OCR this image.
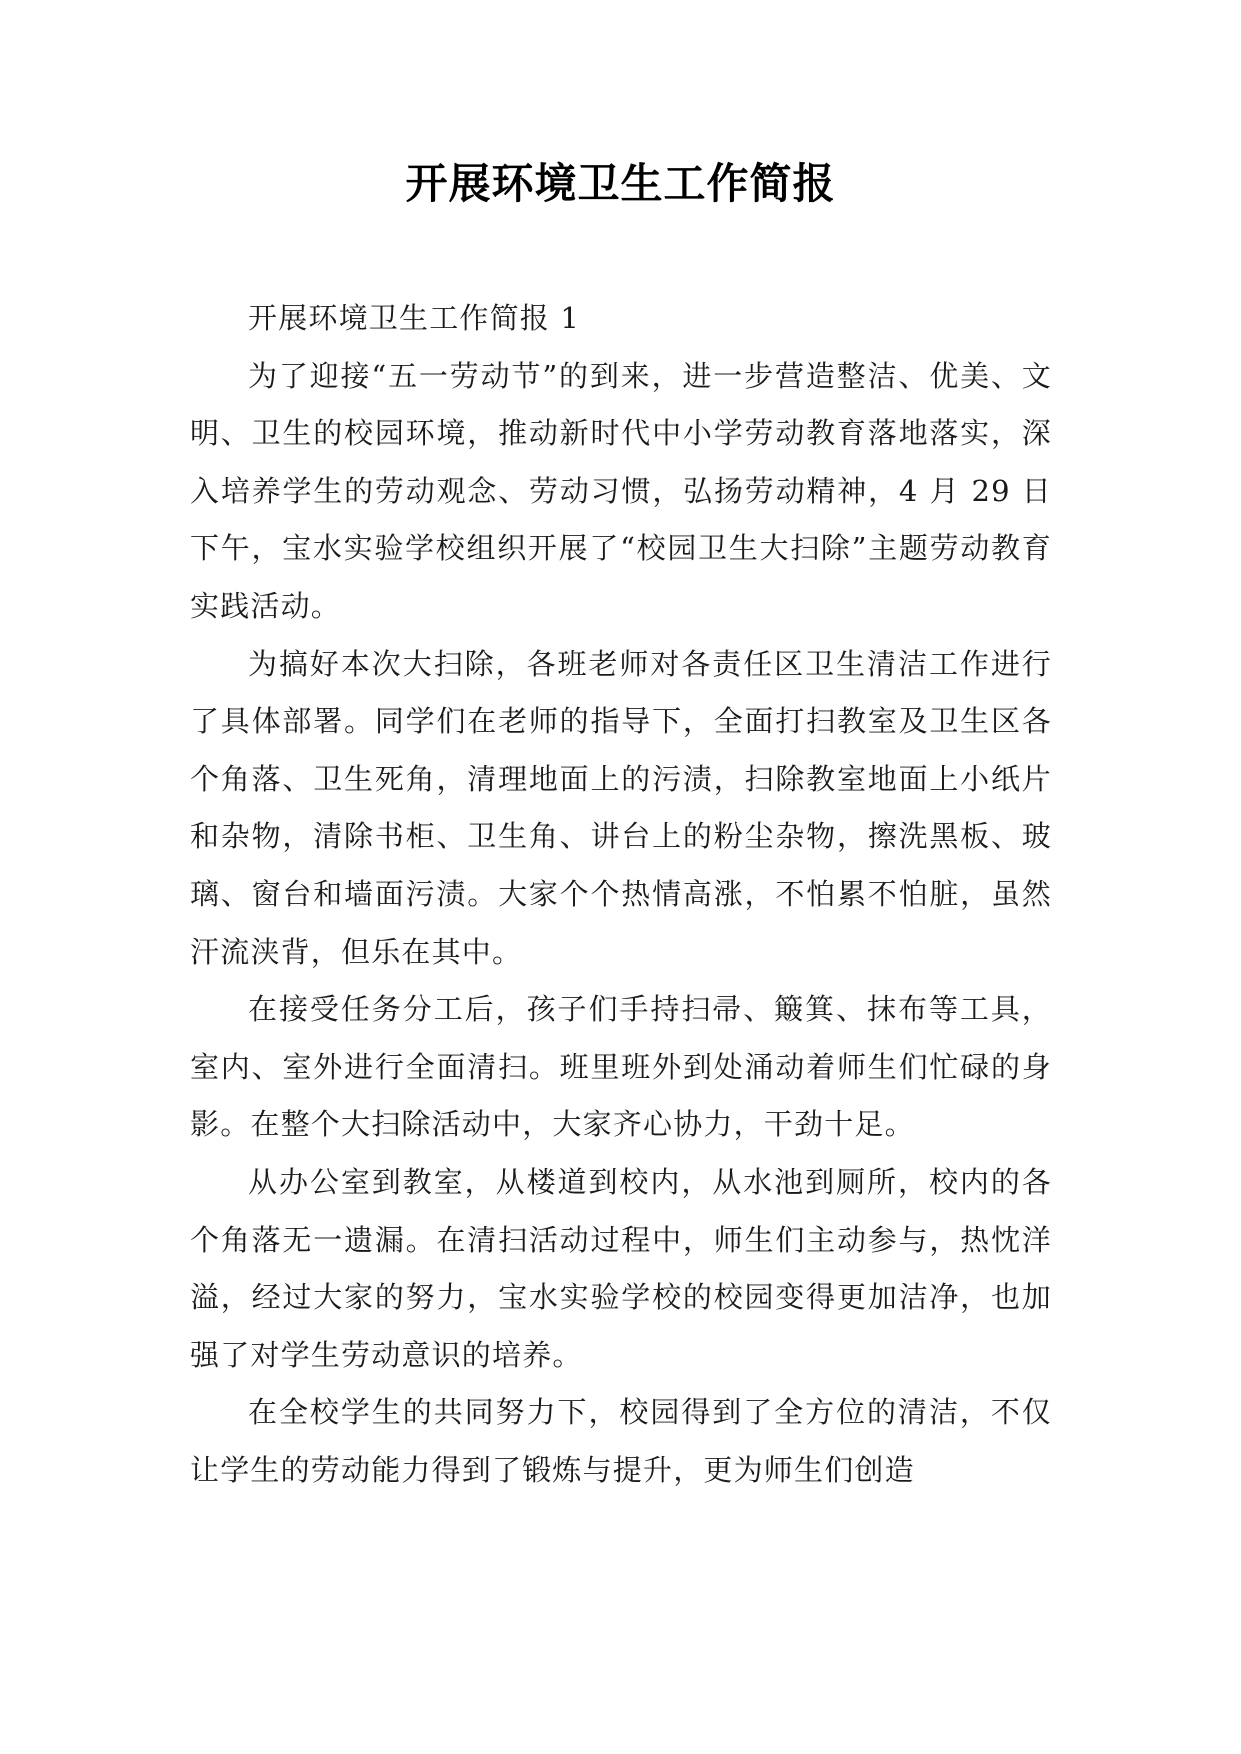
开展环境卫生工作简报

开展环境卫生工作简报 1

为了迎接“五一劳动节”的到来，进一步营造整洁、优美、文明、卫生的校园环境，推动新时代中小学劳动教育落地落实，深入培养学生的劳动观念、劳动习惯，弘扬劳动精神，4 月 29 日下午，宝水实验学校组织开展了“校园卫生大扫除”主题劳动教育实践活动。

为搞好本次大扫除，各班老师对各责任区卫生清洁工作进行了具体部署。同学们在老师的指导下，全面打扫教室及卫生区各个角落、卫生死角，清理地面上的污渍，扫除教室地面上小纸片和杂物，清除书柜、卫生角、讲台上的粉尘杂物，擦洗黑板、玻璃、窗台和墙面污渍。大家个个热情高涨，不怕累不怕脏，虽然汗流浃背，但乐在其中。

在接受任务分工后，孩子们手持扫帚、簸箕、抹布等工具，室内、室外进行全面清扫。班里班外到处涌动着师生们忙碌的身影。在整个大扫除活动中，大家齐心协力，干劲十足。

从办公室到教室，从楼道到校内，从水池到厕所，校内的各个角落无一遗漏。在清扫活动过程中，师生们主动参与，热忱洋溢，经过大家的努力，宝水实验学校的校园变得更加洁净，也加强了对学生劳动意识的培养。

在全校学生的共同努力下，校园得到了全方位的清洁，不仅让学生的劳动能力得到了锻炼与提升，更为师生们创造
